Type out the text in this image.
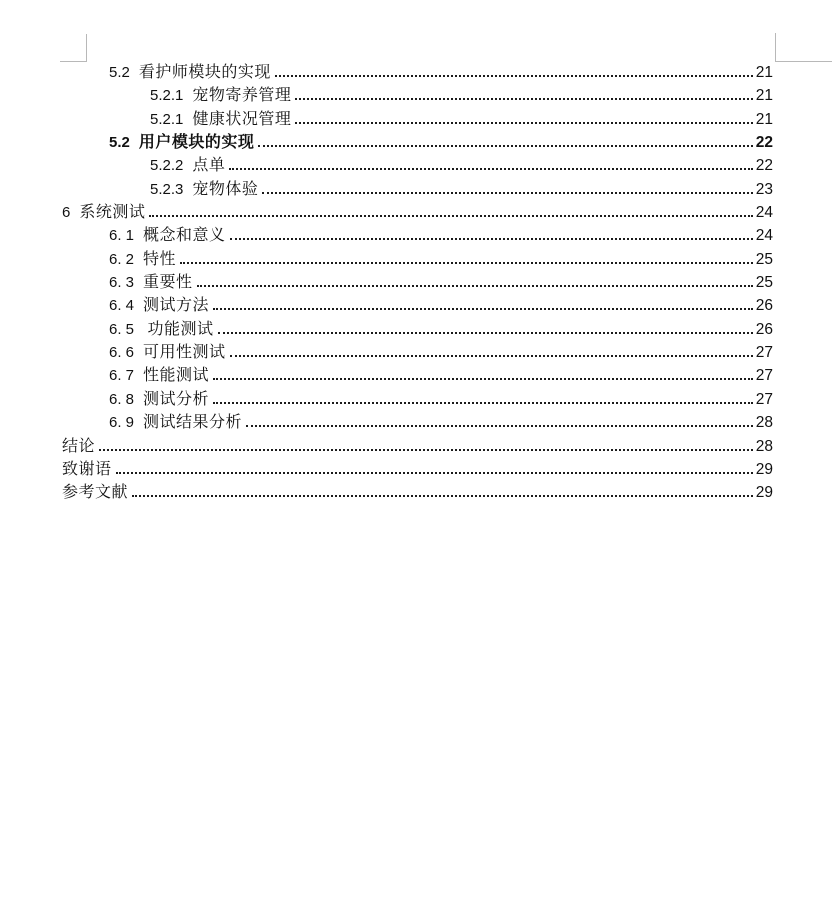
5.2 看护师模块的实现	21
5.2.1 宠物寄养管理	21
5.2.1 健康状况管理	21
5.2 用户模块的实现	22
5.2.2 点单	22
5.2.3 宠物体验	23
6 系统测试	24
6. 1 概念和意义	24
6. 2 特性	25
6. 3 重要性	25
6. 4 测试方法	26
6. 5 功能测试	26
6. 6 可用性测试	27
6. 7 性能测试	27
6. 8 测试分析	27
6. 9 测试结果分析	28
结论	28
致谢语	29
参考文献	29
